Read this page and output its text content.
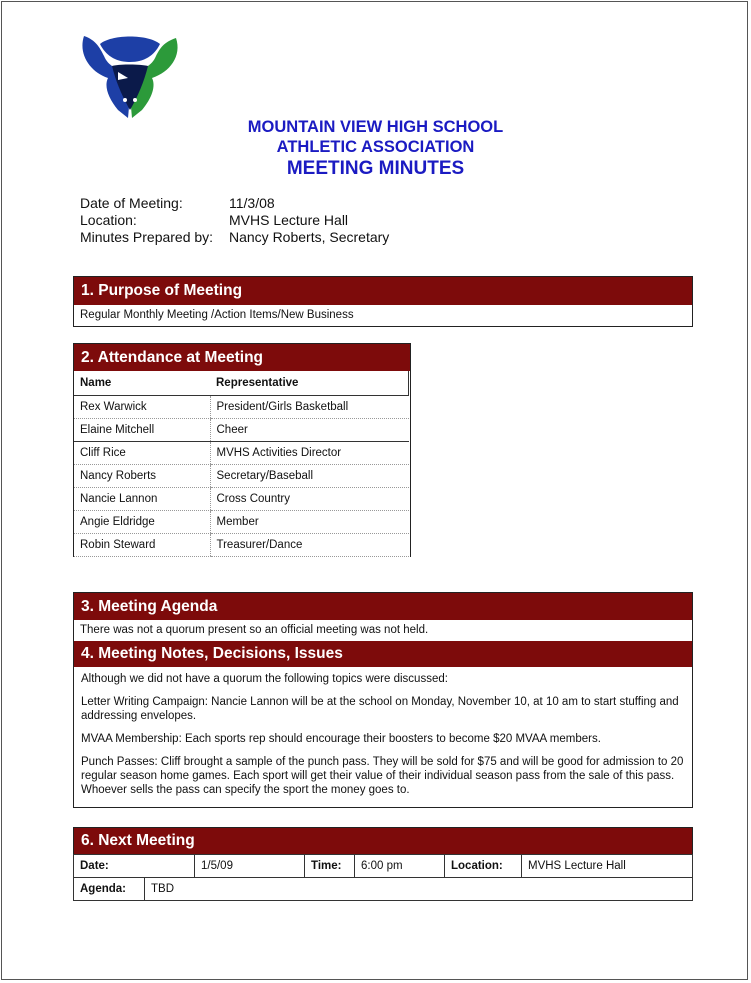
MOUNTAIN VIEW HIGH SCHOOL
ATHLETIC ASSOCIATION
MEETING MINUTES
Date of Meeting:	11/3/08
Location:	MVHS Lecture Hall
Minutes Prepared by:	Nancy Roberts, Secretary
1. Purpose of Meeting
Regular Monthly Meeting /Action Items/New Business
2. Attendance at Meeting
Name	Representative
Rex Warwick	President/Girls Basketball
Elaine Mitchell	Cheer
Cliff Rice	MVHS Activities Director
Nancy Roberts	Secretary/Baseball
Nancie Lannon	Cross Country
Angie Eldridge	Member
Robin Steward	Treasurer/Dance
3. Meeting Agenda
There was not a quorum present so an official meeting was not held.
4. Meeting Notes, Decisions, Issues

Although we did not have a quorum the following topics were discussed:

Letter Writing Campaign: Nancie Lannon will be at the school on Monday, November 10, at 10 am to start stuffing and addressing envelopes.

MVAA Membership: Each sports rep should encourage their boosters to become $20 MVAA members.

Punch Passes: Cliff brought a sample of the punch pass. They will be sold for $75 and will be good for admission to 20 regular season home games. Each sport will get their value of their individual season pass from the sale of this pass. Whoever sells the pass can specify the sport the money goes to.

6. Next Meeting
Date:	1/5/09	Time:	6:00 pm	Location:	MVHS Lecture Hall
Agenda:	TBD
